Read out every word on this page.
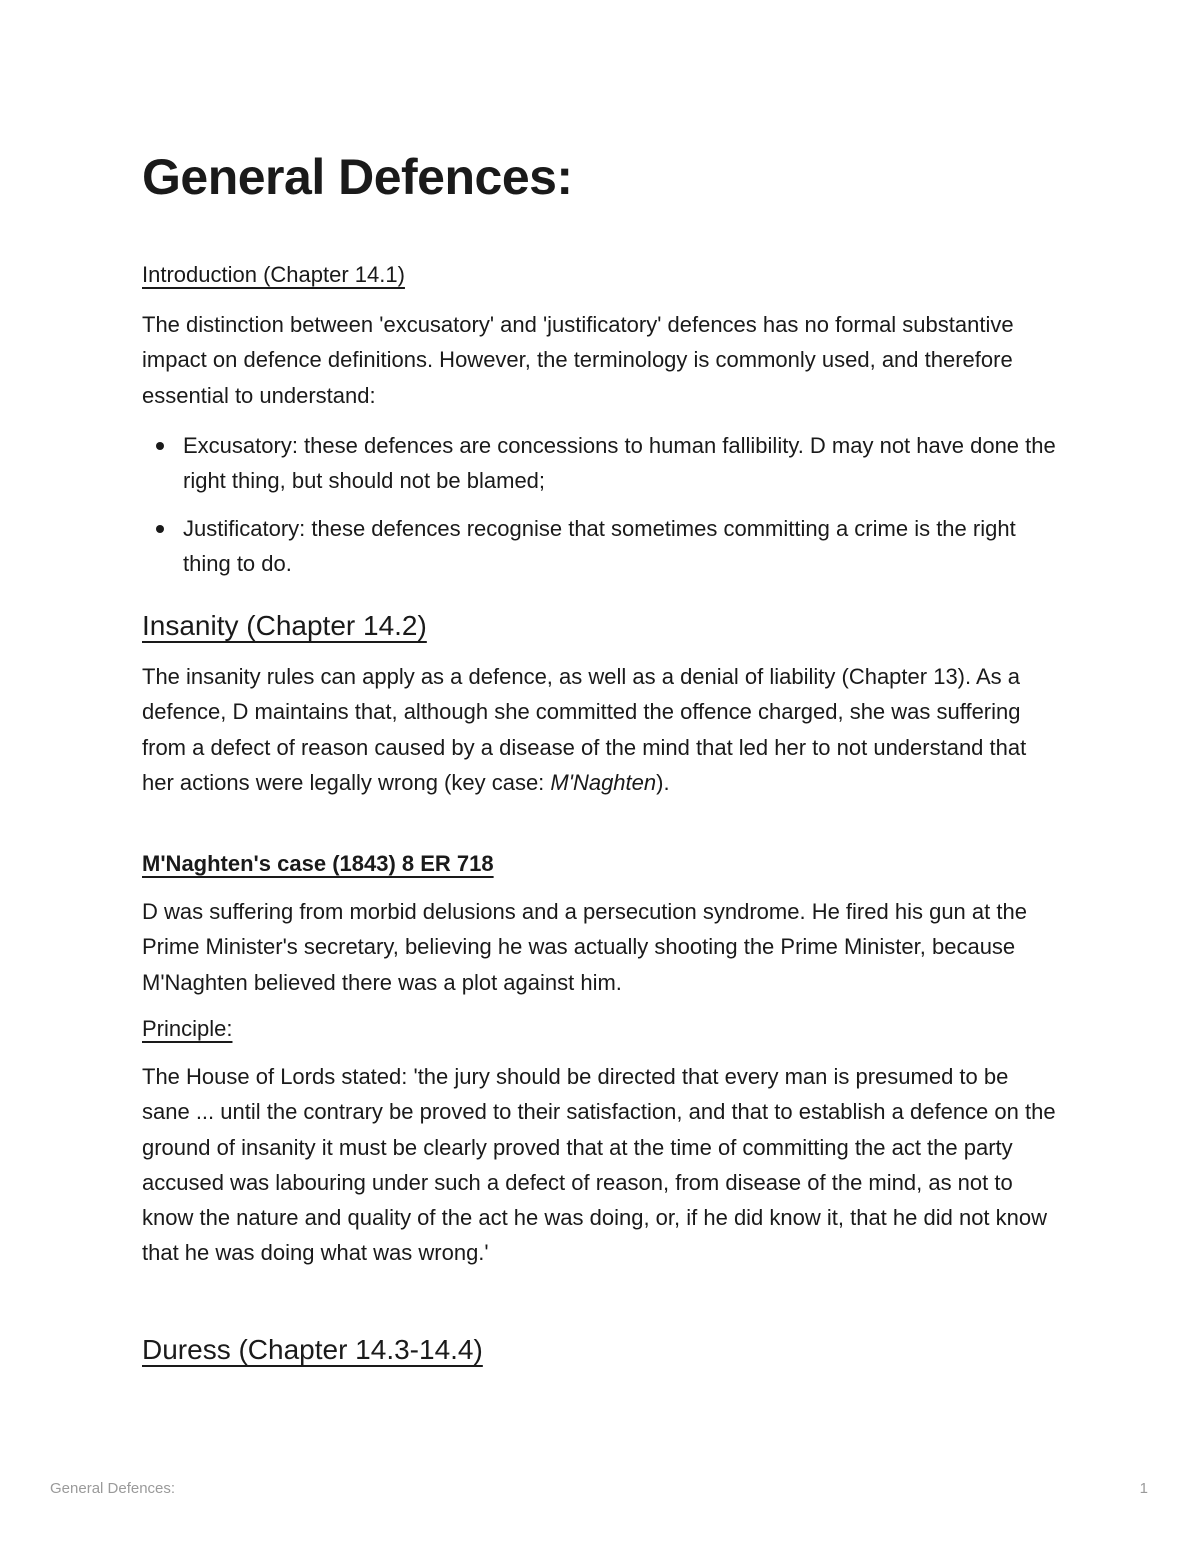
General Defences:
Introduction (Chapter 14.1)

The distinction between 'excusatory' and 'justificatory' defences has no formal substantive impact on defence definitions. However, the terminology is commonly used, and therefore essential to understand:

Excusatory: these defences are concessions to human fallibility. D may not have done the right thing, but should not be blamed;
Justificatory: these defences recognise that sometimes committing a crime is the right thing to do.
Insanity (Chapter 14.2)

The insanity rules can apply as a defence, as well as a denial of liability (Chapter 13). As a defence, D maintains that, although she committed the offence charged, she was suffering from a defect of reason caused by a disease of the mind that led her to not understand that her actions were legally wrong (key case: M'Naghten).

M'Naghten's case (1843) 8 ER 718

D was suffering from morbid delusions and a persecution syndrome. He fired his gun at the Prime Minister's secretary, believing he was actually shooting the Prime Minister, because M'Naghten believed there was a plot against him.

Principle:

The House of Lords stated: 'the jury should be directed that every man is presumed to be sane ... until the contrary be proved to their satisfaction, and that to establish a defence on the ground of insanity it must be clearly proved that at the time of committing the act the party accused was labouring under such a defect of reason, from disease of the mind, as not to know the nature and quality of the act he was doing, or, if he did know it, that he did not know that he was doing what was wrong.'

Duress (Chapter 14.3-14.4)
General Defences:	1
